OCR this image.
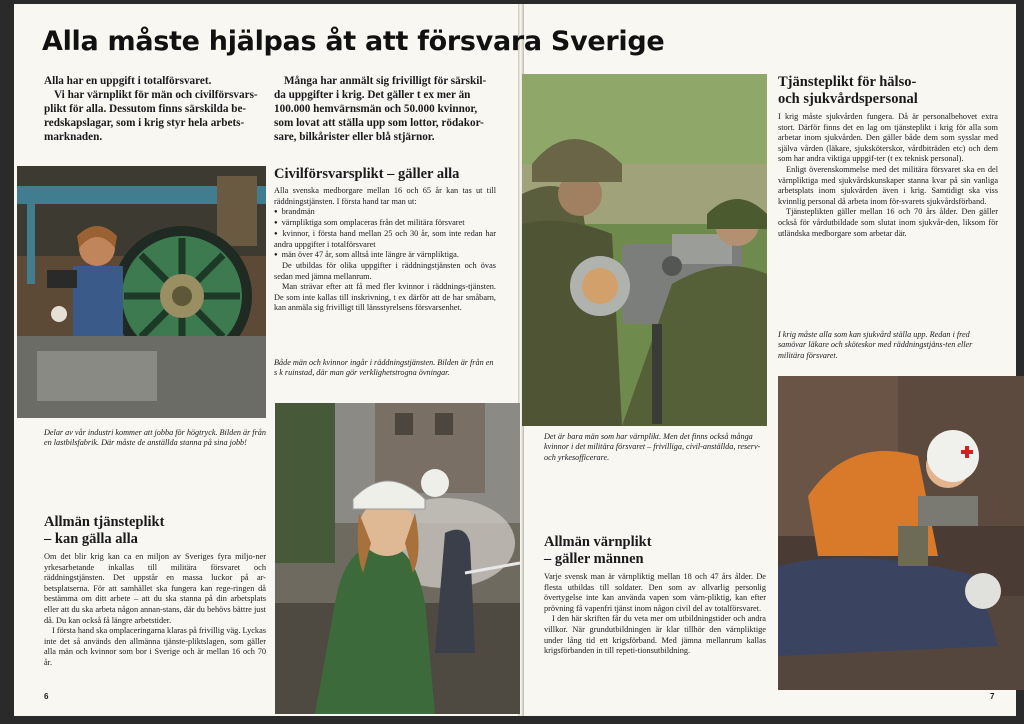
Alla måste hjälpas åt att försvara Sverige

Alla har en uppgift i totalförsvaret.

Vi har värnplikt för män och civilförsvars-plikt för alla. Dessutom finns särskilda be-redskapslagar, som i krig styr hela arbets-marknaden.

Många har anmält sig frivilligt för särskil-da uppgifter i krig. Det gäller t ex mer än 100.000 hemvärnsmän och 50.000 kvinnor, som lovat att ställa upp som lottor, rödakor-sare, bilkårister eller blå stjärnor.
Delar av vår industri kommer att jobba för högtryck. Bilden är från en lastbilsfabrik. Där måste de anställda stanna på sina jobb!
Civilförsvarsplikt – gäller alla

Alla svenska medborgare mellan 16 och 65 år kan tas ut till räddningstjänsten. I första hand tar man ut:

● brandmän
● värnpliktiga som omplaceras från det militära försvaret
● kvinnor, i första hand mellan 25 och 30 år, som inte redan har andra uppgifter i totalförsvaret
● män över 47 år, som alltså inte längre är värnpliktiga.

De utbildas för olika uppgifter i räddningstjänsten och övas sedan med jämna mellanrum.

Man strävar efter att få med fler kvinnor i räddnings-tjänsten. De som inte kallas till inskrivning, t ex därför att de har småbarn, kan anmäla sig frivilligt till länsstyrelsens försvarsenhet.

Både män och kvinnor ingår i räddningstjänsten. Bilden är från en s k ruinstad, där man gör verklighetstrogna övningar.
Allmän tjänsteplikt
– kan gälla alla

Om det blir krig kan ca en miljon av Sveriges fyra miljo-ner yrkesarbetande inkallas till militära försvaret och räddningstjänsten. Det uppstår en massa luckor på ar-betsplatserna. För att samhället ska fungera kan rege-ringen då bestämma om ditt arbete – att du ska stanna på din arbetsplats eller att du ska arbeta någon annan-stans, där du behövs bättre just då. Du kan också få längre arbetstider.

I första hand ska omplaceringarna klaras på frivillig väg. Lyckas inte det så används den allmänna tjänste-pliktslagen, som gäller alla män och kvinnor som bor i Sverige och är mellan 16 och 70 år.

6
Det är bara män som har värnplikt. Men det finns också många kvinnor i det militära försvaret – frivilliga, civil-anställda, reserv- och yrkesofficerare.
Tjänsteplikt för hälso-
och sjukvårdspersonal

I krig måste sjukvården fungera. Då är personalbehovet extra stort. Därför finns det en lag om tjänsteplikt i krig för alla som arbetar inom sjukvården. Den gäller både dem som sysslar med själva vården (läkare, sjuksköterskor, vårdbiträden etc) och dem som har andra viktiga uppgif-ter (t ex teknisk personal).

Enligt överenskommelse med det militära försvaret ska en del värnpliktiga med sjukvårdskunskaper stanna kvar på sin vanliga arbetsplats inom sjukvården även i krig. Samtidigt ska viss kvinnlig personal då arbeta inom för-svarets sjukvårdsförband.

Tjänsteplikten gäller mellan 16 och 70 års ålder. Den gäller också för vårdutbildade som slutat inom sjukvår-den, liksom för utländska medborgare som arbetar där.

I krig måste alla som kan sjukvård ställa upp. Redan i fred samövar läkare och sköteskor med räddningstjäns-ten eller militära försvaret.
Allmän värnplikt
– gäller männen

Varje svensk man är värnpliktig mellan 18 och 47 års ålder. De flesta utbildas till soldater. Den som av allvarlig personlig övertygelse inte kan använda vapen som värn-pliktig, kan efter prövning få vapenfri tjänst inom någon civil del av totalförsvaret.

I den här skriften får du veta mer om utbildningstider och andra villkor. När grundutbildningen är klar tillhör den värnpliktige under lång tid ett krigsförband. Med jämna mellanrum kallas krigsförbanden in till repeti-tionsutbildning.

7
